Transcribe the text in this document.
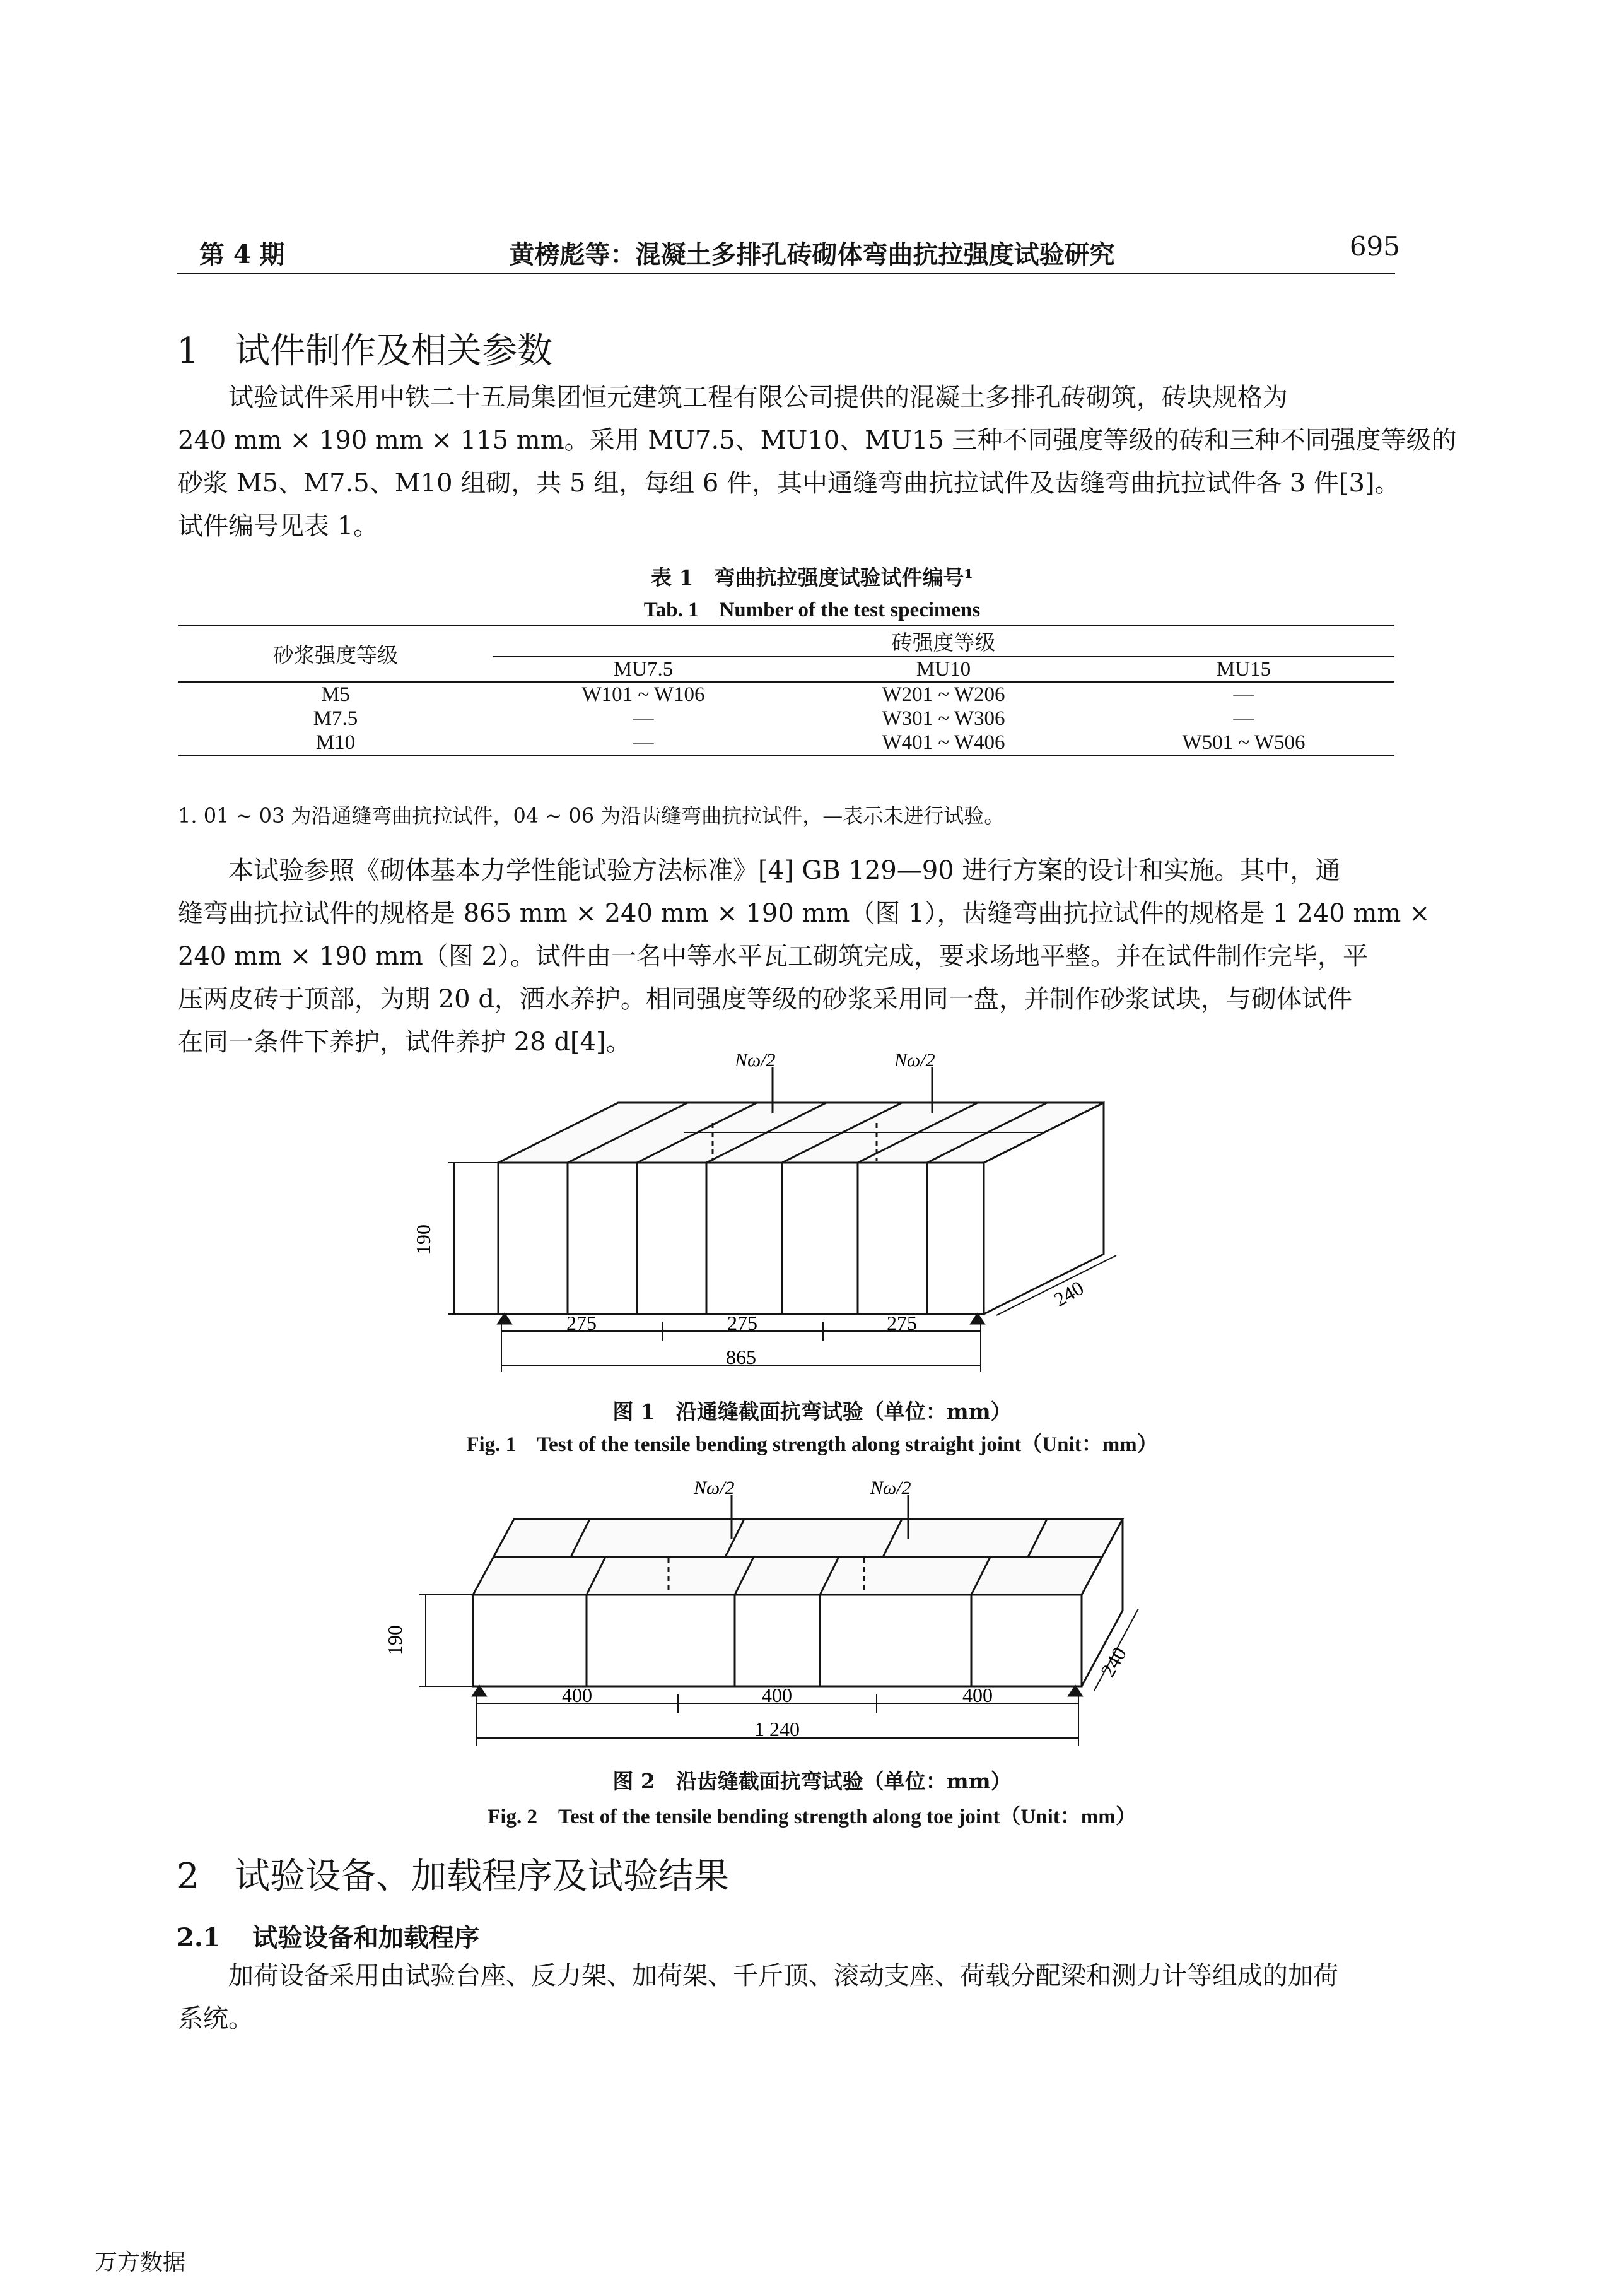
第 4 期	黄榜彪等：混凝土多排孔砖砌体弯曲抗拉强度试验研究	695
1 试件制作及相关参数
试验试件采用中铁二十五局集团恒元建筑工程有限公司提供的混凝土多排孔砖砌筑，砖块规格为
240 mm × 190 mm × 115 mm。采用 MU7.5、MU10、MU15 三种不同强度等级的砖和三种不同强度等级的
砂浆 M5、M7.5、M10 组砌，共 5 组，每组 6 件，其中通缝弯曲抗拉试件及齿缝弯曲抗拉试件各 3 件[3]。
试件编号见表 1。
表 1　弯曲抗拉强度试验试件编号¹
Tab. 1　Number of the test specimens
砂浆强度等级	砖强度等级		
	MU7.5	MU10	MU15
M5	W101 ~ W106	W201 ~ W206	—
M7.5	—	W301 ~ W306	—
M10	—	W401 ~ W406	W501 ~ W506
1. 01 ~ 03 为沿通缝弯曲抗拉试件，04 ~ 06 为沿齿缝弯曲抗拉试件，—表示未进行试验。
本试验参照《砌体基本力学性能试验方法标准》[4] GB 129—90 进行方案的设计和实施。其中，通
缝弯曲抗拉试件的规格是 865 mm × 240 mm × 190 mm（图 1），齿缝弯曲抗拉试件的规格是 1 240 mm ×
240 mm × 190 mm（图 2）。试件由一名中等水平瓦工砌筑完成，要求场地平整。并在试件制作完毕，平
压两皮砖于顶部，为期 20 d，洒水养护。相同强度等级的砂浆采用同一盘，并制作砂浆试块，与砌体试件
在同一条件下养护，试件养护 28 d[4]。
Nω/2	Nω/2
190
240
275	275	275
865
图 1　沿通缝截面抗弯试验（单位：mm）
Fig. 1　Test of the tensile bending strength along straight joint（Unit：mm）
Nω/2	Nω/2
190
240
400	400	400
1 240
图 2　沿齿缝截面抗弯试验（单位：mm）
Fig. 2　Test of the tensile bending strength along toe joint（Unit：mm）
2 试验设备、加载程序及试验结果
2.1 试验设备和加载程序
加荷设备采用由试验台座、反力架、加荷架、千斤顶、滚动支座、荷载分配梁和测力计等组成的加荷
系统。
万方数据
